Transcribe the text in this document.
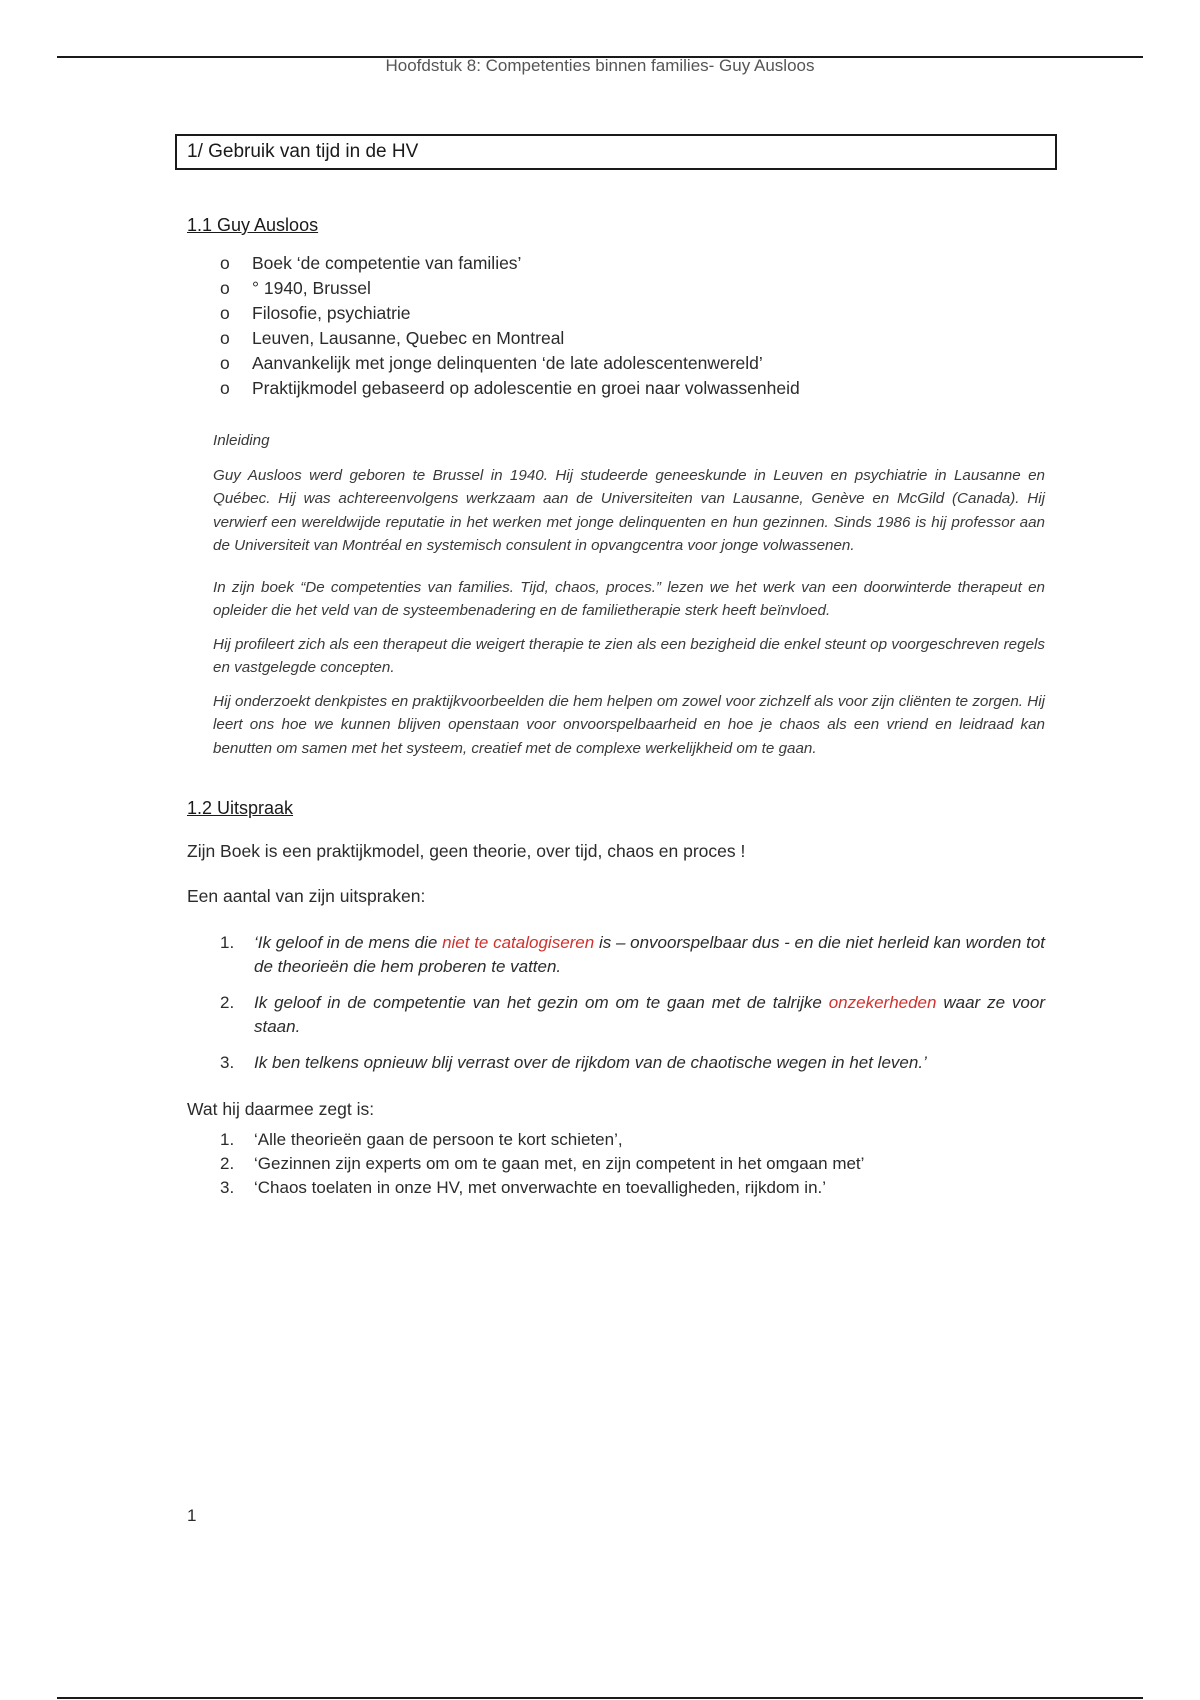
Hoofdstuk 8: Competenties binnen families- Guy Ausloos
1/ Gebruik van tijd in de HV
1.1 Guy Ausloos
o Boek ‘de competentie van families’
o ° 1940, Brussel
o Filosofie, psychiatrie
o Leuven, Lausanne, Quebec en Montreal
o Aanvankelijk met jonge delinquenten ‘de late adolescentenwereld’
o Praktijkmodel gebaseerd op adolescentie en groei naar volwassenheid

Inleiding

Guy Ausloos werd geboren te Brussel in 1940. Hij studeerde geneeskunde in Leuven en psychiatrie in Lausanne en Québec. Hij was achtereenvolgens werkzaam aan de Universiteiten van Lausanne, Genève en McGild (Canada). Hij verwierf een wereldwijde reputatie in het werken met jonge delinquenten en hun gezinnen. Sinds 1986 is hij professor aan de Universiteit van Montréal en systemisch consulent in opvangcentra voor jonge volwassenen.

In zijn boek “De competenties van families. Tijd, chaos, proces.” lezen we het werk van een doorwinterde therapeut en opleider die het veld van de systeembenadering en de familietherapie sterk heeft beïnvloed.

Hij profileert zich als een therapeut die weigert therapie te zien als een bezigheid die enkel steunt op voorgeschreven regels en vastgelegde concepten.

Hij onderzoekt denkpistes en praktijkvoorbeelden die hem helpen om zowel voor zichzelf als voor zijn cliënten te zorgen. Hij leert ons hoe we kunnen blijven openstaan voor onvoorspelbaarheid en hoe je chaos als een vriend en leidraad kan benutten om samen met het systeem, creatief met de complexe werkelijkheid om te gaan.

1.2 Uitspraak
Zijn Boek is een praktijkmodel, geen theorie, over tijd, chaos en proces !
Een aantal van zijn uitspraken:
1. ‘Ik geloof in de mens die niet te catalogiseren is – onvoorspelbaar dus - en die niet herleid kan worden tot de theorieën die hem proberen te vatten.
2. Ik geloof in de competentie van het gezin om om te gaan met de talrijke onzekerheden waar ze voor staan.
3. Ik ben telkens opnieuw blij verrast over de rijkdom van de chaotische wegen in het leven.’
Wat hij daarmee zegt is:
1. ‘Alle theorieën gaan de persoon te kort schieten’,
2. ‘Gezinnen zijn experts om om te gaan met, en zijn competent in het omgaan met’
3. ‘Chaos toelaten in onze HV, met onverwachte en toevalligheden, rijkdom in.’
1
